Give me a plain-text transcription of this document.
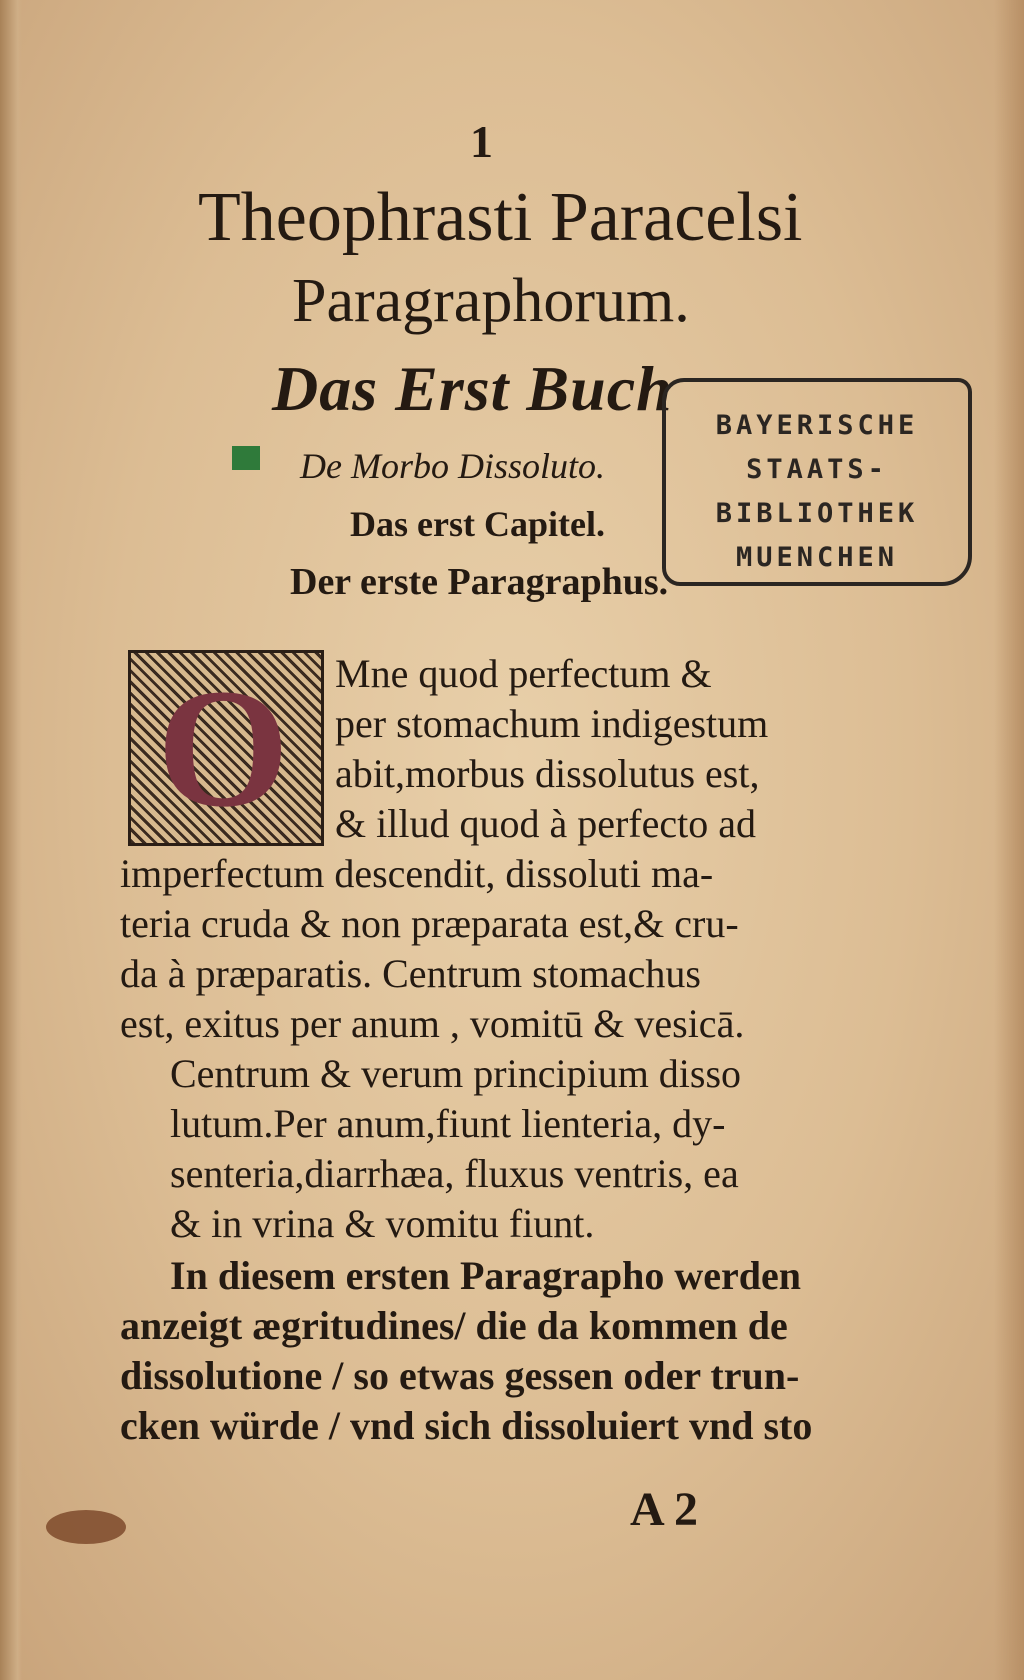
1
Theophrasti Paracelsi
Paragraphorum.
Das Erst Buch
De Morbo Dissoluto.
Das erst Capitel.
Der erste Paragraphus.
BAYERISCHE
STAATS-
BIBLIOTHEK
MUENCHEN
O Mne quod perfectum &
per stomachum indigestum
abit,morbus dissolutus est,
& illud quod à perfecto ad
imperfectum descendit, dissoluti ma-
teria cruda & non præparata est,& cru-
da à præparatis. Centrum stomachus
est, exitus per anum , vomitū & vesicā.
Centrum & verum principium disso
lutum.Per anum,fiunt lienteria, dy-
senteria,diarrhæa, fluxus ventris, ea
& in vrina & vomitu fiunt.
In diesem ersten Paragrapho werden
anzeigt ægritudines/ die da kommen de
dissolutione / so etwas gessen oder trun-
cken würde / vnd sich dissoluiert vnd sto
A 2
